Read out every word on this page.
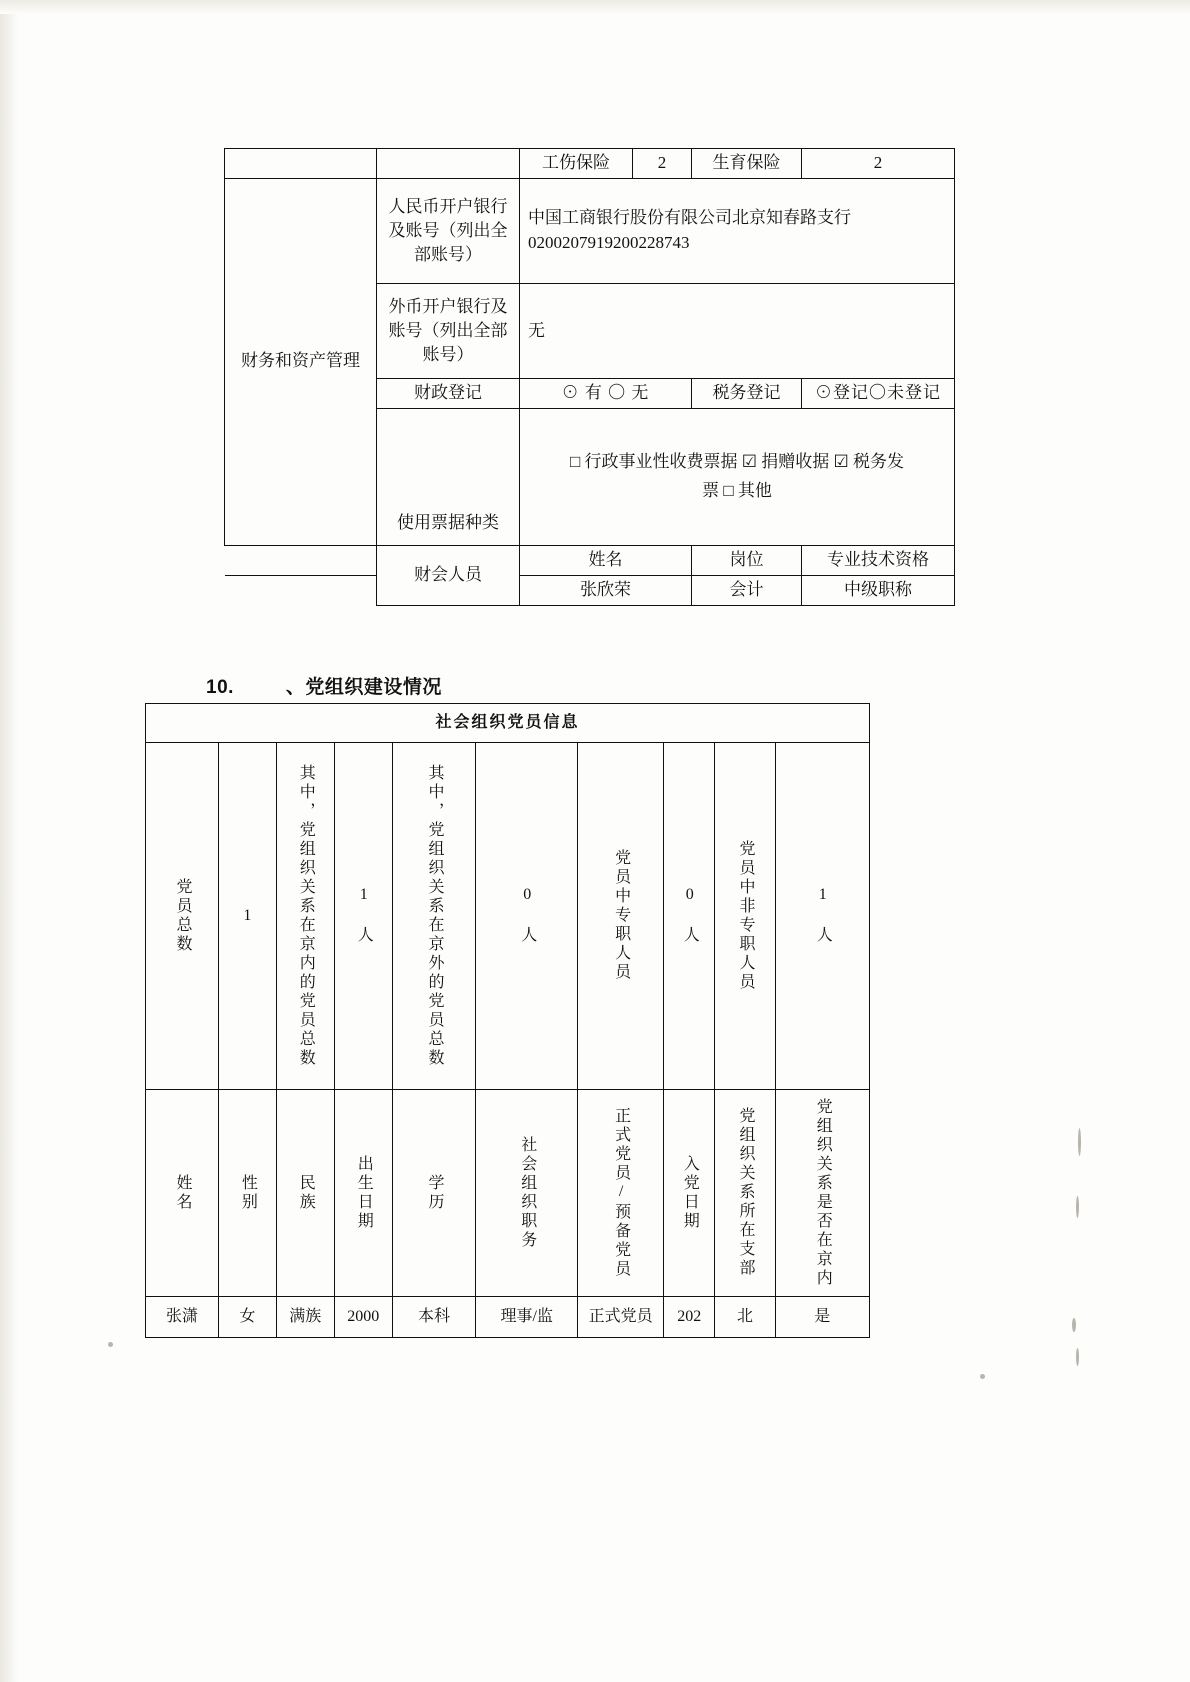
		工伤保险	2	生育保险	2
财务和资产管理	人民币开户银行及账号（列出全部账号）	中国工商银行股份有限公司北京知春路支行 0200207919200228743			
	外币开户银行及账号（列出全部账号）	无			
	财政登记	⊙ 有 〇 无		税务登记	⊙登记〇未登记
	使用票据种类	□ 行政事业性收费票据 ☑ 捐赠收据 ☑ 税务发
票 □ 其他			

	财会人员	姓名		岗位	专业技术资格
		张欣荣		会计	中级职称
10.	、党组织建设情况
社会组织党员信息									

党员总数	1	其中，党组织关系在京内的党员总数	1 人	其中，党组织关系在京外的党员总数	0 人	党员中专职人员	0 人	党员中非专职人员	1 人

姓名	性别	民族	出生日期	学历	社会组织职务	正式党员/预备党员	入党日期	党组织关系所在支部	党组织关系是否在京内

张潇	女	满族	2000	本科	理事/监	正式党员	202	北	是
